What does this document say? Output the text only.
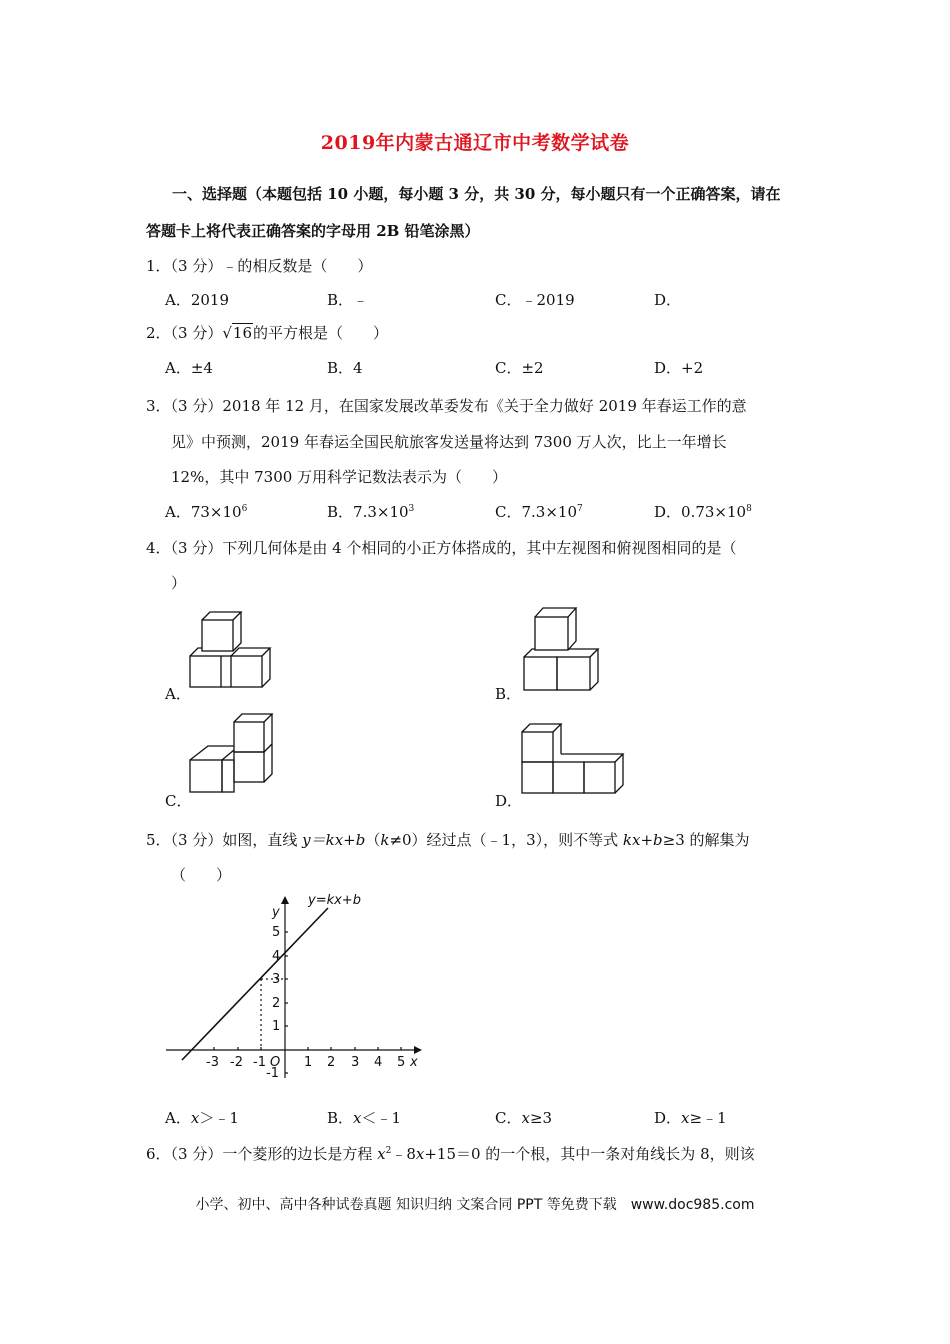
2019年内蒙古通辽市中考数学试卷
一、选择题（本题包括 10 小题，每小题 3 分，共 30 分，每小题只有一个正确答案，请在
答题卡上将代表正确答案的字母用 2B 铅笔涂黑）
1．（3 分）﹣的相反数是（　　）
A．2019	B．﹣	C．﹣2019	D．
2．（3 分）√16的平方根是（　　）
A．±4	B．4	C．±2	D．+2
3．（3 分）2018 年 12 月，在国家发展改革委发布《关于全力做好 2019 年春运工作的意
见》中预测，2019 年春运全国民航旅客发送量将达到 7300 万人次，比上一年增长
12%，其中 7300 万用科学记数法表示为（　　）
A．$73\times 10^6$	B．$7.3\times 10^3$	C．$7.3\times 10^7$	D．$0.73\times 10^8$
4．（3 分）下列几何体是由 4 个相同的小正方体搭成的，其中左视图和俯视图相同的是（
）
A．	B．
C．	D．
5．（3 分）如图，直线 y＝kx+b（k≠0）经过点（﹣1，3），则不等式 kx+b≥3 的解集为
（　　）
y=kx+b
y
x
O
-3 -2 -1	1 2 3 4 5
5
4
3
2
1
-1
A．x＞﹣1	B．x＜﹣1	C．x≥3	D．x≥﹣1
6．（3 分）一个菱形的边长是方程 $x^2﹣8x+15=0$ 的一个根，其中一条对角线长为 8，则该
小学、初中、高中各种试卷真题 知识归纳 文案合同 PPT 等免费下载　www.doc985.com
